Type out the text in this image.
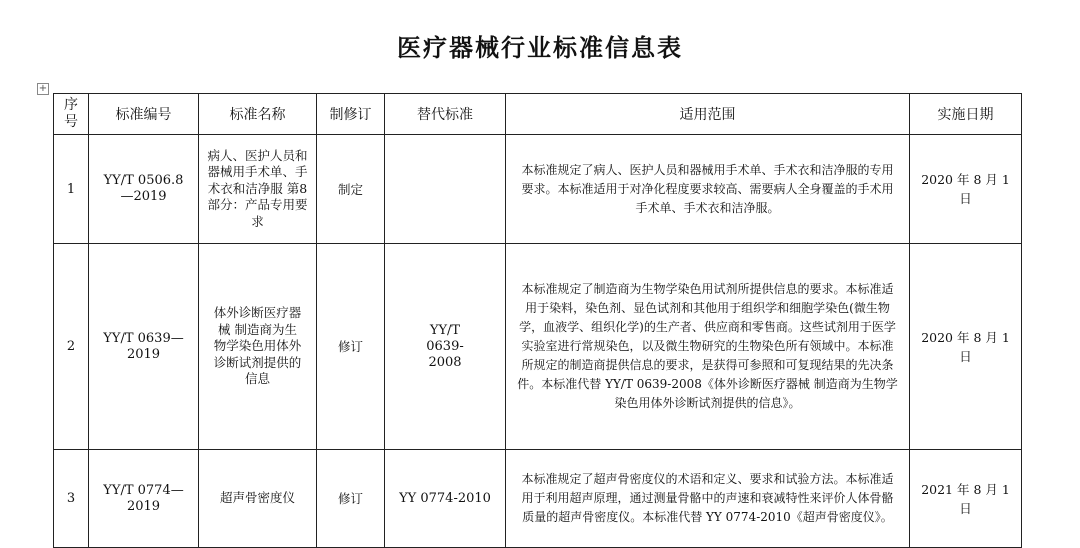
医疗器械行业标准信息表
+
序号	标准编号	标准名称	制修订	替代标准	适用范围	实施日期
1	YY/T 0506.8—2019	病人、医护人员和器械用手术单、手术衣和洁净服 第8部分：产品专用要求	制定		本标准规定了病人、医护人员和器械用手术单、手术衣和洁净服的专用要求。本标准适用于对净化程度要求较高、需要病人全身覆盖的手术用手术单、手术衣和洁净服。	2020 年 8 月 1 日
2	YY/T 0639—2019	体外诊断医疗器械 制造商为生物学染色用体外诊断试剂提供的信息	修订	YY/T 0639-2008	本标准规定了制造商为生物学染色用试剂所提供信息的要求。本标准适用于染料，染色剂、显色试剂和其他用于组织学和细胞学染色(微生物学，血液学、组织化学)的生产者、供应商和零售商。这些试剂用于医学实验室进行常规染色，以及微生物研究的生物染色所有领域中。本标准所规定的制造商提供信息的要求，是获得可参照和可复现结果的先决条件。本标准代替 YY/T 0639-2008《体外诊断医疗器械 制造商为生物学染色用体外诊断试剂提供的信息》。	2020 年 8 月 1 日
3	YY/T 0774—2019	超声骨密度仪	修订	YY 0774-2010	本标准规定了超声骨密度仪的术语和定义、要求和试验方法。本标准适用于利用超声原理，通过测量骨骼中的声速和衰减特性来评价人体骨骼质量的超声骨密度仪。本标准代替 YY 0774-2010《超声骨密度仪》。	2021 年 8 月 1 日
